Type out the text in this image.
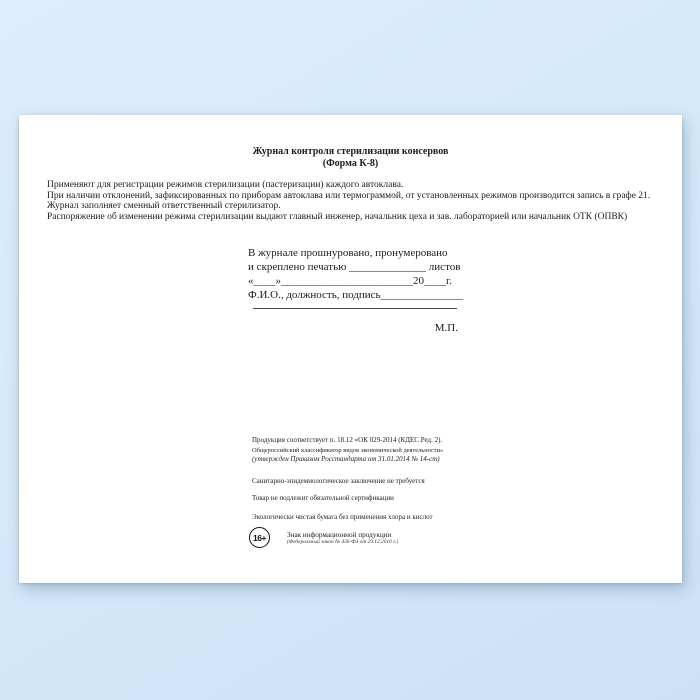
Журнал контроля стерилизации консервов
(Форма К-8)
Применяют для регистрации режимов стерилизации (пастеризации) каждого автоклава.
При наличии отклонений, зафиксированных по приборам автоклава или термограммой, от установленных режимов производится запись в графе 21.
Журнал заполняет сменный ответственный стерилизатор.
Распоряжение об изменении режима стерилизации выдают главный инженер, начальник цеха и зав. лабораторией или начальник ОТК (ОПВК)
В журнале прошнуровано, пронумеровано
и скреплено печатью ______________ листов
«____»________________________20____г.
Ф.И.О., должность, подпись_______________
М.П.
Продукция соответствует п. 18.12 «ОК 029-2014 (КДЕС Ред. 2).
Общероссийский классификатор видов экономической деятельности»
(утвержден Приказом Росстандарта от 31.01.2014 № 14-ст)
Санитарно-эпидемиологическое заключение не требуется
Товар не подлежит обязательной сертификации
Экологически чистая бумага без применения хлора и кислот
16+	Знак информационной продукции
(Федеральный закон № 436-ФЗ от 29.12.2010 г.)
